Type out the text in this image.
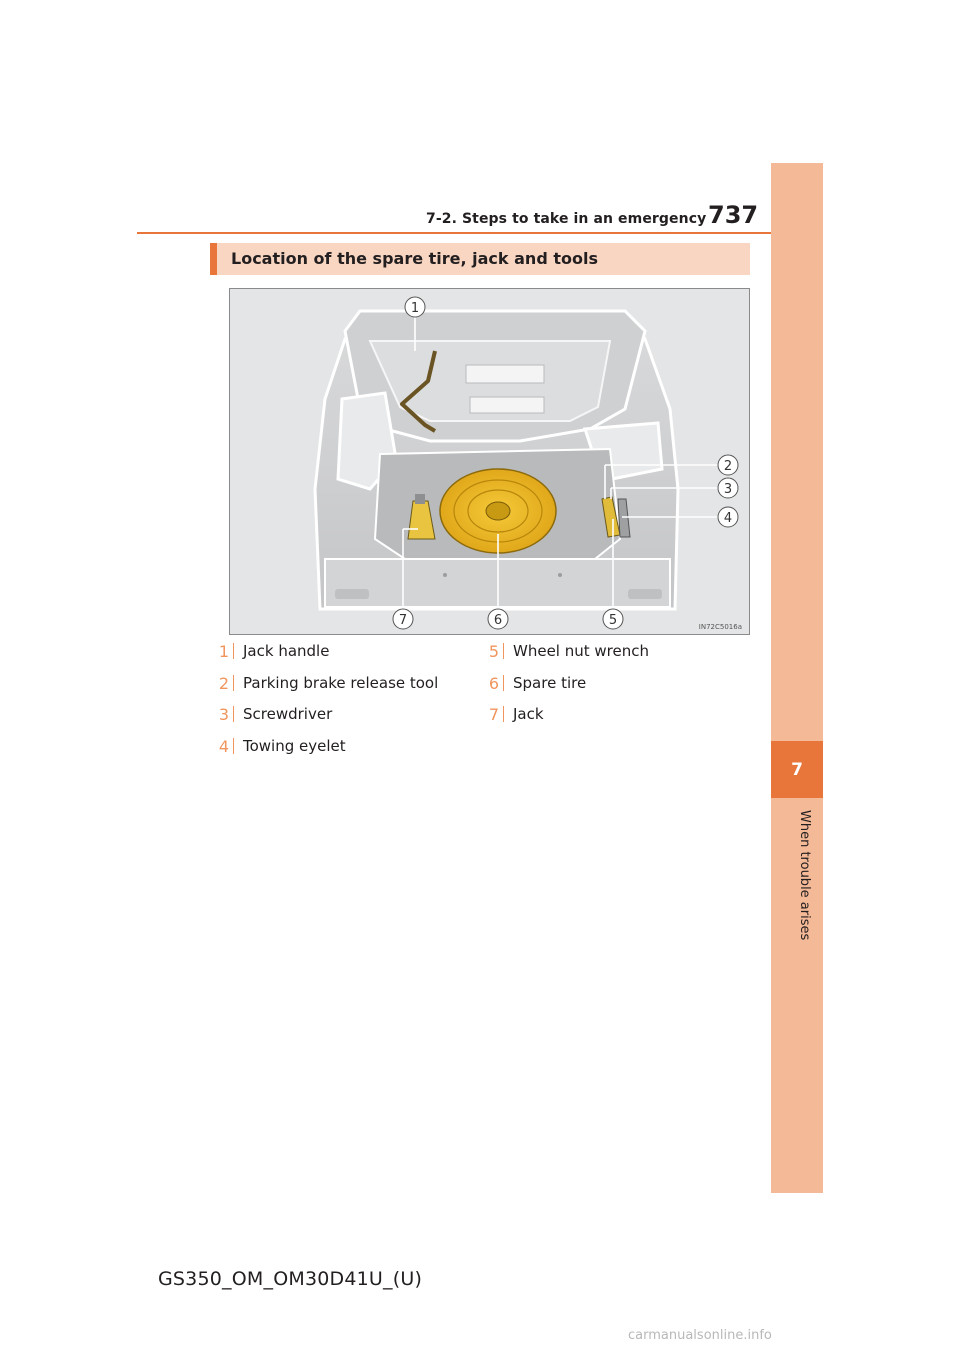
7-2. Steps to take in an emergency 737
7
When trouble arises
Location of the spare tire, jack and tools
1
2
3
4
5
6
7	IN72C5016a
1 Jack handle
2 Parking brake release tool
3 Screwdriver
4 Towing eyelet
5 Wheel nut wrench
6 Spare tire
7 Jack
GS350_OM_OM30D41U_(U)
carmanualsonline.info
